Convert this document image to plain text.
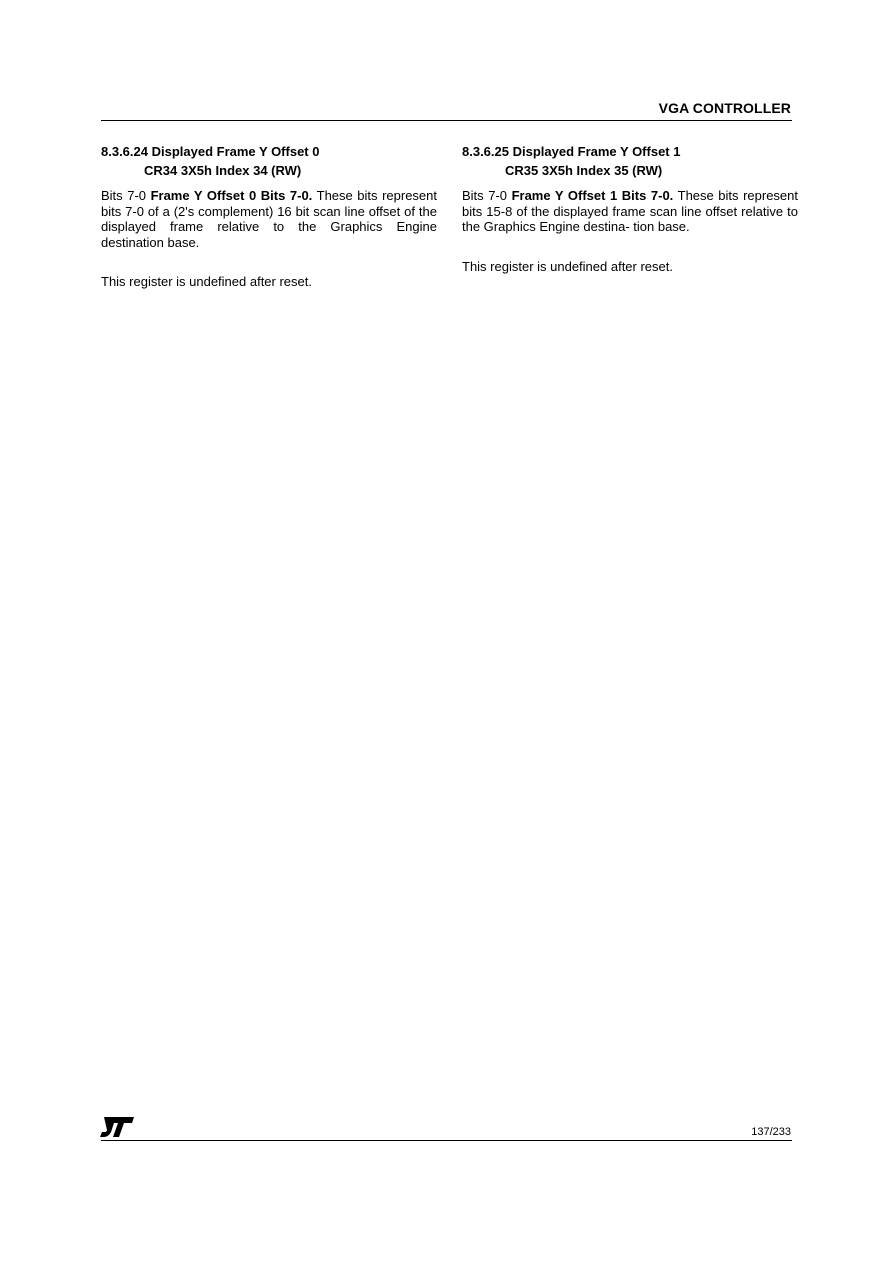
VGA CONTROLLER
8.3.6.24 Displayed Frame Y Offset 0
CR34 3X5h Index 34 (RW)
Bits 7-0 Frame Y Offset 0 Bits 7-0. These bits represent bits 7-0 of a (2's complement) 16 bit scan line offset of the displayed frame relative to the Graphics Engine destination base.
This register is undefined after reset.
8.3.6.25 Displayed Frame Y Offset 1
CR35 3X5h Index 35 (RW)
Bits 7-0 Frame Y Offset 1 Bits 7-0. These bits represent bits 15-8 of the displayed frame scan line offset relative to the Graphics Engine destina- tion base.
This register is undefined after reset.
137/233
